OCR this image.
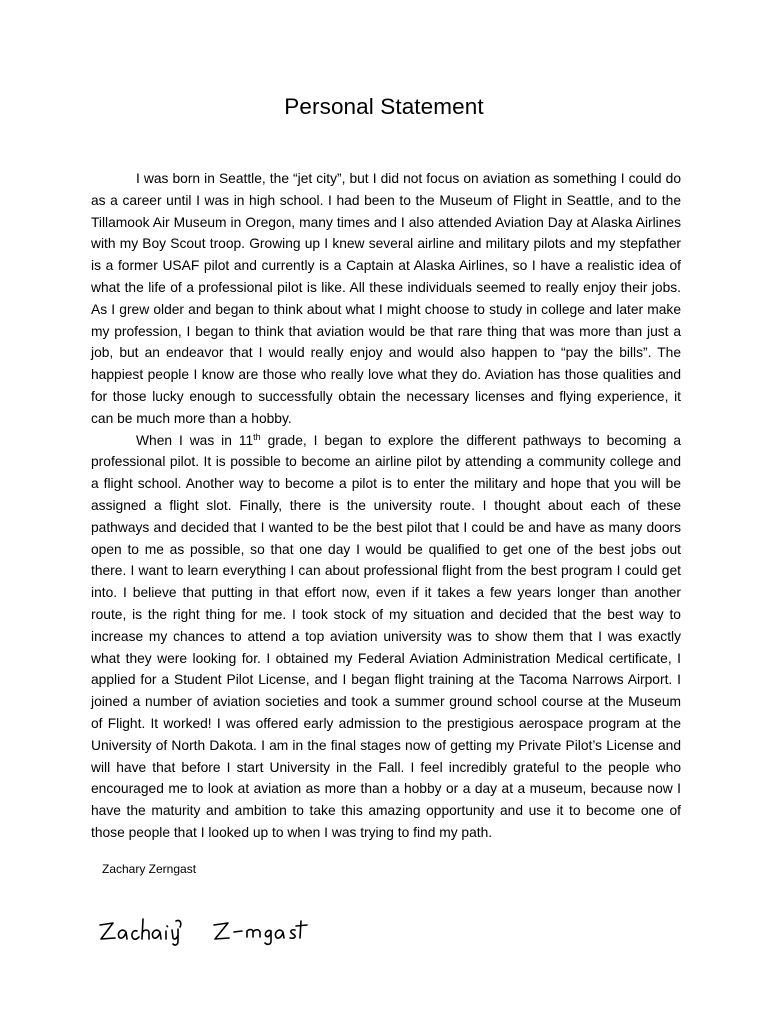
Personal Statement

I was born in Seattle, the “jet city”, but I did not focus on aviation as something I could do as a career until I was in high school. I had been to the Museum of Flight in Seattle, and to the Tillamook Air Museum in Oregon, many times and I also attended Aviation Day at Alaska Airlines with my Boy Scout troop. Growing up I knew several airline and military pilots and my stepfather is a former USAF pilot and currently is a Captain at Alaska Airlines, so I have a realistic idea of what the life of a professional pilot is like. All these individuals seemed to really enjoy their jobs. As I grew older and began to think about what I might choose to study in college and later make my profession, I began to think that aviation would be that rare thing that was more than just a job, but an endeavor that I would really enjoy and would also happen to “pay the bills”. The happiest people I know are those who really love what they do. Aviation has those qualities and for those lucky enough to successfully obtain the necessary licenses and flying experience, it can be much more than a hobby.

When I was in 11th grade, I began to explore the different pathways to becoming a professional pilot. It is possible to become an airline pilot by attending a community college and a flight school. Another way to become a pilot is to enter the military and hope that you will be assigned a flight slot. Finally, there is the university route. I thought about each of these pathways and decided that I wanted to be the best pilot that I could be and have as many doors open to me as possible, so that one day I would be qualified to get one of the best jobs out there. I want to learn everything I can about professional flight from the best program I could get into. I believe that putting in that effort now, even if it takes a few years longer than another route, is the right thing for me. I took stock of my situation and decided that the best way to increase my chances to attend a top aviation university was to show them that I was exactly what they were looking for. I obtained my Federal Aviation Administration Medical certificate, I applied for a Student Pilot License, and I began flight training at the Tacoma Narrows Airport. I joined a number of aviation societies and took a summer ground school course at the Museum of Flight. It worked! I was offered early admission to the prestigious aerospace program at the University of North Dakota. I am in the final stages now of getting my Private Pilot’s License and will have that before I start University in the Fall. I feel incredibly grateful to the people who encouraged me to look at aviation as more than a hobby or a day at a museum, because now I have the maturity and ambition to take this amazing opportunity and use it to become one of those people that I looked up to when I was trying to find my path.

Zachary Zerngast
